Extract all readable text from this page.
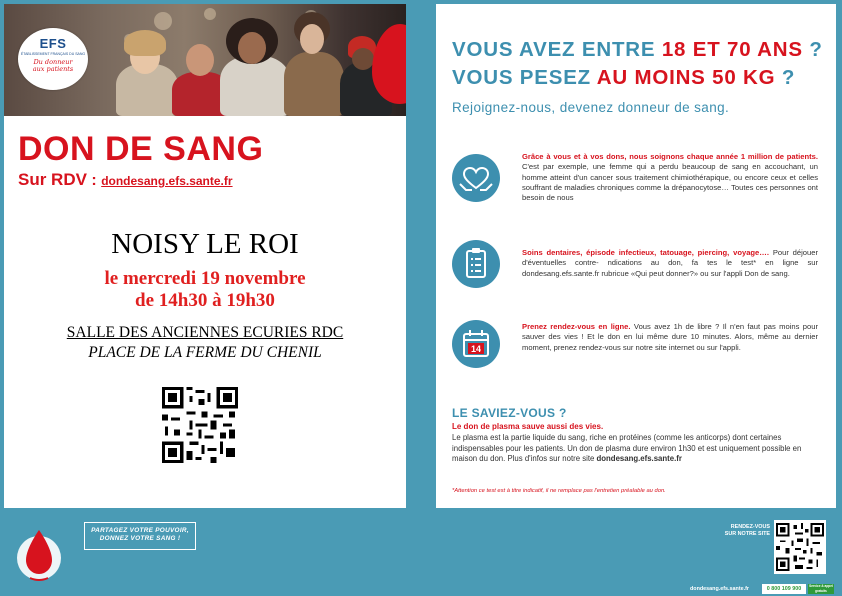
EFS
ÉTABLISSEMENT FRANÇAIS DU SANG
Du donneur
aux patients
DON DE SANG
Sur RDV : dondesang.efs.sante.fr
NOISY LE ROI
le mercredi 19 novembre
de 14h30 à 19h30
SALLE DES ANCIENNES ECURIES RDC
PLACE DE LA FERME DU CHENIL
VOUS AVEZ ENTRE 18 ET 70 ANS ?
VOUS PESEZ AU MOINS 50 KG ?
Rejoignez-nous, devenez donneur de sang.
Grâce à vous et à vos dons, nous soignons chaque année 1 million de patients. C'est par exemple, une femme qui a perdu beaucoup de sang en accouchant, un homme atteint d'un cancer sous traitement chimiothérapique, ou encore ceux et celles souffrant de maladies chroniques comme la drépanocytose… Toutes ces personnes ont besoin de nous
Soins dentaires, épisode infectieux, tatouage, piercing, voyage…. Pour déjouer d'éventuelles contre- ndications au don, fa tes le test* en ligne sur dondesang.efs.sante.fr rubricue «Qui peut donner?» ou sur l'appli Don de sang.
14
Prenez rendez-vous en ligne. Vous avez 1h de libre ? Il n'en faut pas moins pour sauver des vies ! Et le don en lui même dure 10 minutes. Alors, même au dernier moment, prenez rendez-vous sur notre site internet ou sur l'appli.
LE SAVIEZ-VOUS ?
Le don de plasma sauve aussi des vies.
Le plasma est la partie liquide du sang, riche en protéines (comme les anticorps) dont certaines indispensables pour les patients. Un don de plasma dure environ 1h30 et est uniquement possible en maison du don. Plus d'infos sur notre site dondesang.efs.sante.fr
*Attention ce test est à titre indicatif, il ne remplace pas l'entretien préalable au don.
PARTAGEZ VOTRE POUVOIR,
DONNEZ VOTRE SANG !
RENDEZ-VOUS
SUR NOTRE SITE
dondesang.efs.sante.fr	0 800 109 900	Service & appel
gratuits
